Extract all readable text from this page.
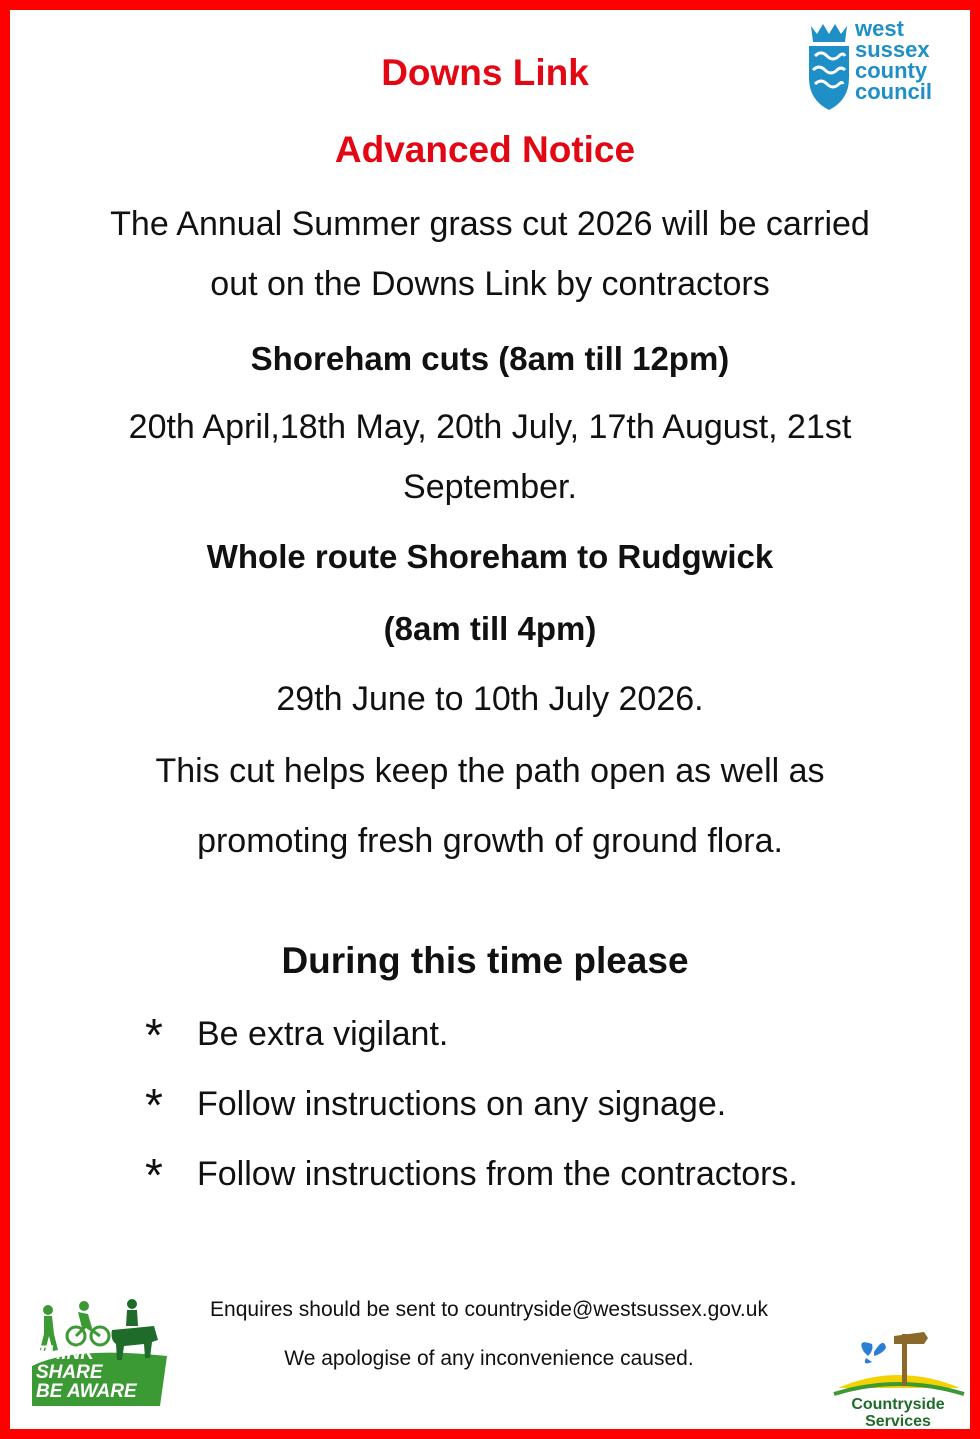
west
sussex
county
council
Downs Link
Advanced Notice
The Annual Summer grass cut 2026 will be carried
out on the Downs Link by contractors
Shoreham cuts (8am till 12pm)
20th April,18th May, 20th July, 17th August, 21st
September.
Whole route Shoreham to Rudgwick
(8am till 4pm)
29th June to 10th July 2026.
This cut helps keep the path open as well as
promoting fresh growth of ground flora.
During this time please
* Be extra vigilant.
* Follow instructions on any signage.
* Follow instructions from the contractors.
Enquires should be sent to countryside@westsussex.gov.uk
We apologise of any inconvenience caused.
THINK
SHARE
BE AWARE
Countryside
Services
